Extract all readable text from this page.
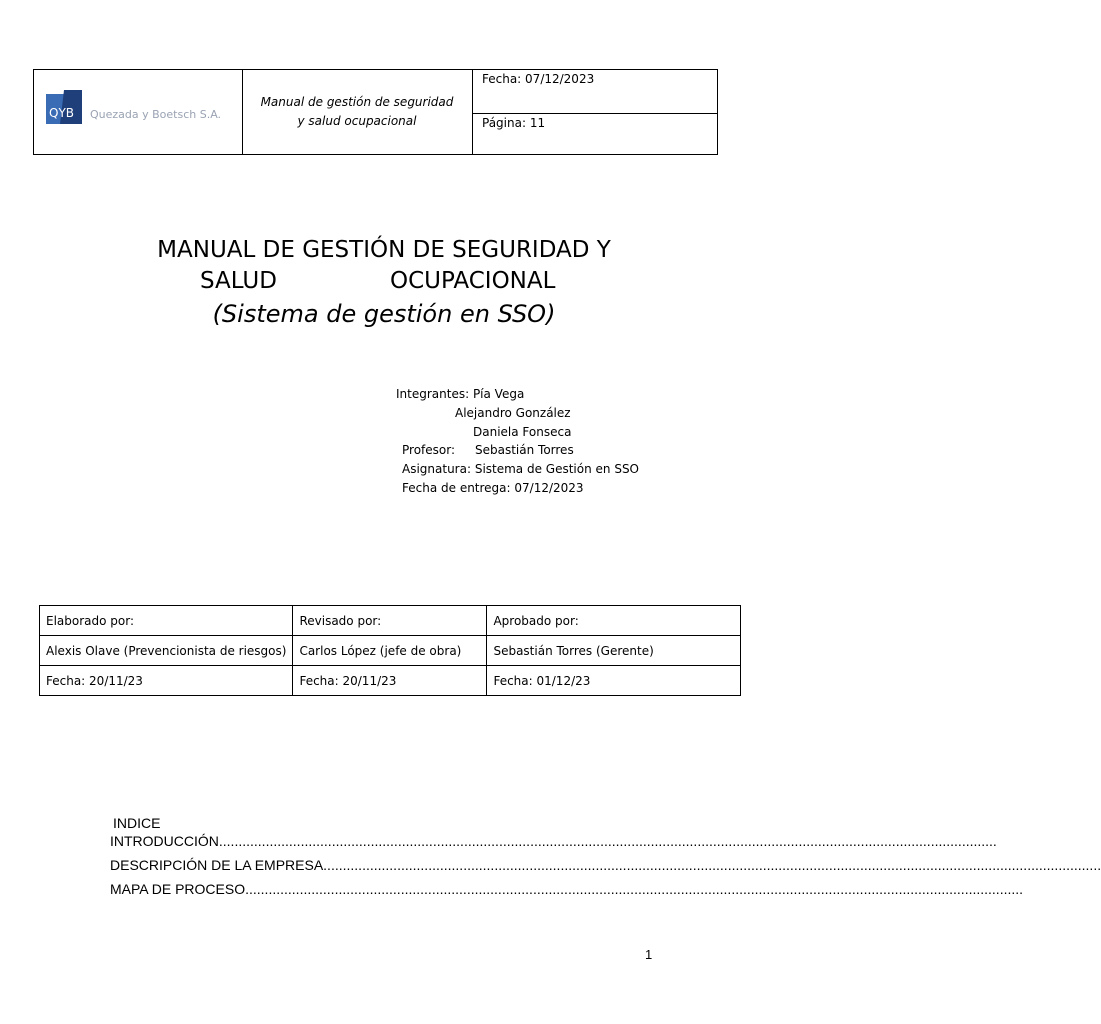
QYB Quezada y Boetsch S.A.
Manual de gestión de seguridad y salud ocupacional
Fecha: 07/12/2023
Página: 11
MANUAL DE GESTIÓN DE SEGURIDAD Y
SALUD	OCUPACIONAL
(Sistema de gestión en SSO)
Integrantes: Pía Vega
Alejandro González
Daniela Fonseca
Profesor: Sebastián Torres
Asignatura: Sistema de Gestión en SSO
Fecha de entrega: 07/12/2023
Elaborado por:	Revisado por:	Aprobado por:
Alexis Olave (Prevencionista de riesgos)	Carlos López (jefe de obra)	Sebastián Torres (Gerente)
Fecha: 20/11/23	Fecha: 20/11/23	Fecha: 01/12/23
INDICE
INTRODUCCIÓN........................................................................................................................................................................................................
DESCRIPCIÓN DE LA EMPRESA........................................................................................................................................................................................................
MAPA DE PROCESO........................................................................................................................................................................................................
1
